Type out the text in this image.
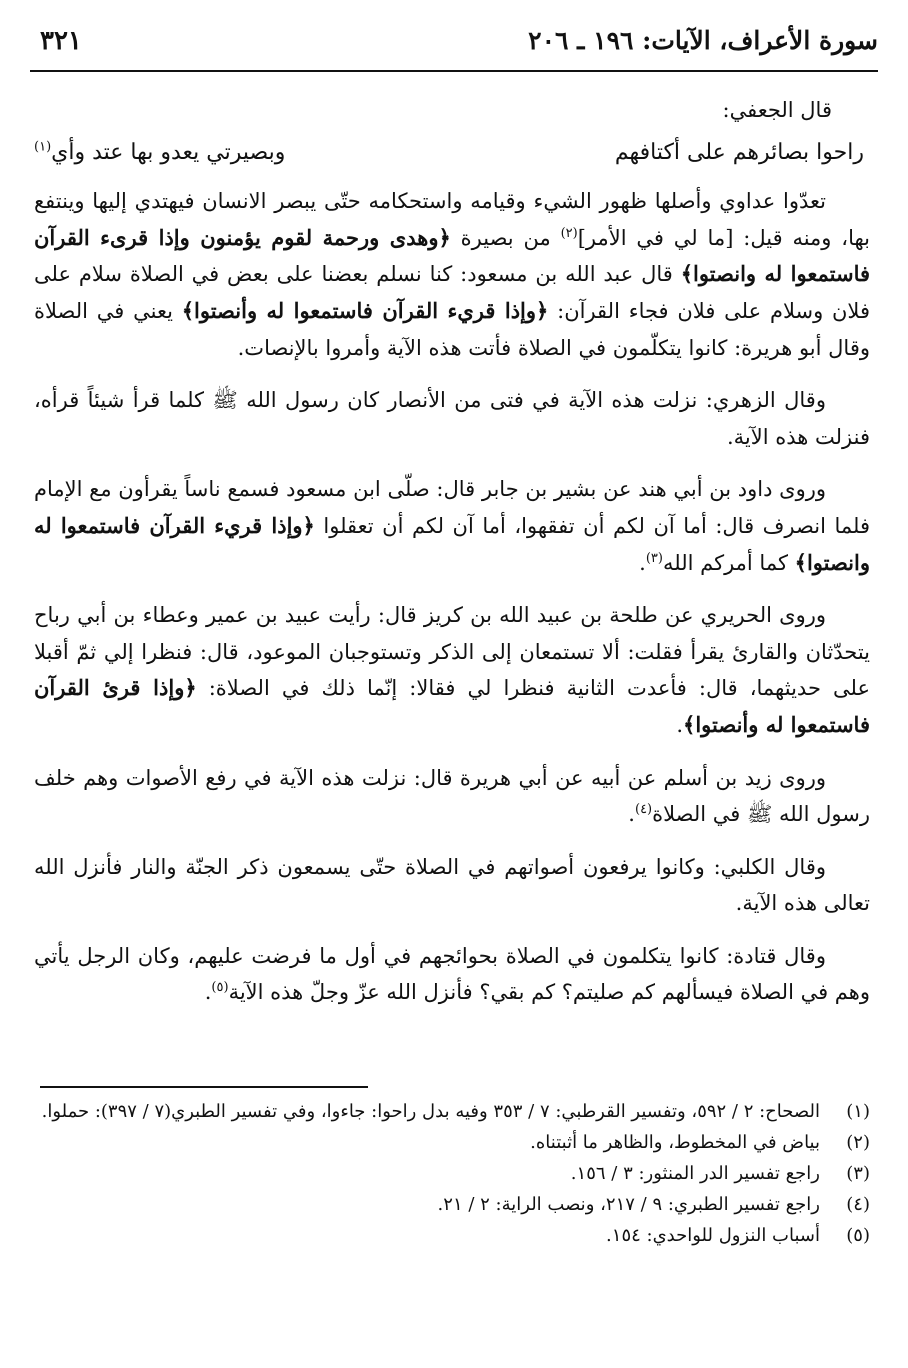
سورة الأعراف، الآيات: ١٩٦ ـ ٢٠٦
٣٢١

قال الجعفي:

راحوا بصائرهم على أكتافهم
وبصيرتي يعدو بها عتد وأي$^{(١)}$

تعدّوا عداوي وأصلها ظهور الشيء وقيامه واستحكامه حتّى يبصر الانسان فيهتدي إليها وينتفع بها، ومنه قيل: [ما لي في الأمر]$^{(٢)}$ من بصيرة ﴿وهدى ورحمة لقوم يؤمنون وإذا قرىء القرآن فاستمعوا له وانصتوا﴾ قال عبد الله بن مسعود: كنا نسلم بعضنا على بعض في الصلاة سلام على فلان وسلام على فلان فجاء القرآن: ﴿وإذا قريء القرآن فاستمعوا له وأنصتوا﴾ يعني في الصلاة وقال أبو هريرة: كانوا يتكلّمون في الصلاة فأتت هذه الآية وأمروا بالإنصات.

وقال الزهري: نزلت هذه الآية في فتى من الأنصار كان رسول الله ﷺ كلما قرأ شيئاً قرأه، فنزلت هذه الآية.

وروى داود بن أبي هند عن بشير بن جابر قال: صلّى ابن مسعود فسمع ناساً يقرأون مع الإمام فلما انصرف قال: أما آن لكم أن تفقهوا، أما آن لكم أن تعقلوا ﴿وإذا قريء القرآن فاستمعوا له وانصتوا﴾ كما أمركم الله$^{(٣)}$.

وروى الحريري عن طلحة بن عبيد الله بن كريز قال: رأيت عبيد بن عمير وعطاء بن أبي رباح يتحدّثان والقارئ يقرأ فقلت: ألا تستمعان إلى الذكر وتستوجبان الموعود، قال: فنظرا إلي ثمّ أقبلا على حديثهما، قال: فأعدت الثانية فنظرا لي فقالا: إنّما ذلك في الصلاة: ﴿وإذا قرئ القرآن فاستمعوا له وأنصتوا﴾.

وروى زيد بن أسلم عن أبيه عن أبي هريرة قال: نزلت هذه الآية في رفع الأصوات وهم خلف رسول الله ﷺ في الصلاة$^{(٤)}$.

وقال الكلبي: وكانوا يرفعون أصواتهم في الصلاة حتّى يسمعون ذكر الجنّة والنار فأنزل الله تعالى هذه الآية.

وقال قتادة: كانوا يتكلمون في الصلاة بحوائجهم في أول ما فرضت عليهم، وكان الرجل يأتي وهم في الصلاة فيسألهم كم صليتم؟ كم بقي؟ فأنزل الله عزّ وجلّ هذه الآية$^{(٥)}$.

(١)
الصحاح: ٢ / ٥٩٢، وتفسير القرطبي: ٧ / ٣٥٣ وفيه بدل راحوا: جاءوا، وفي تفسير الطبري(٧ / ٣٩٧): حملوا.
(٢)
بياض في المخطوط، والظاهر ما أثبتناه.
(٣)
راجع تفسير الدر المنثور: ٣ / ١٥٦.
(٤)
راجع تفسير الطبري: ٩ / ٢١٧، ونصب الراية: ٢ / ٢١.
(٥)
أسباب النزول للواحدي: ١٥٤.
